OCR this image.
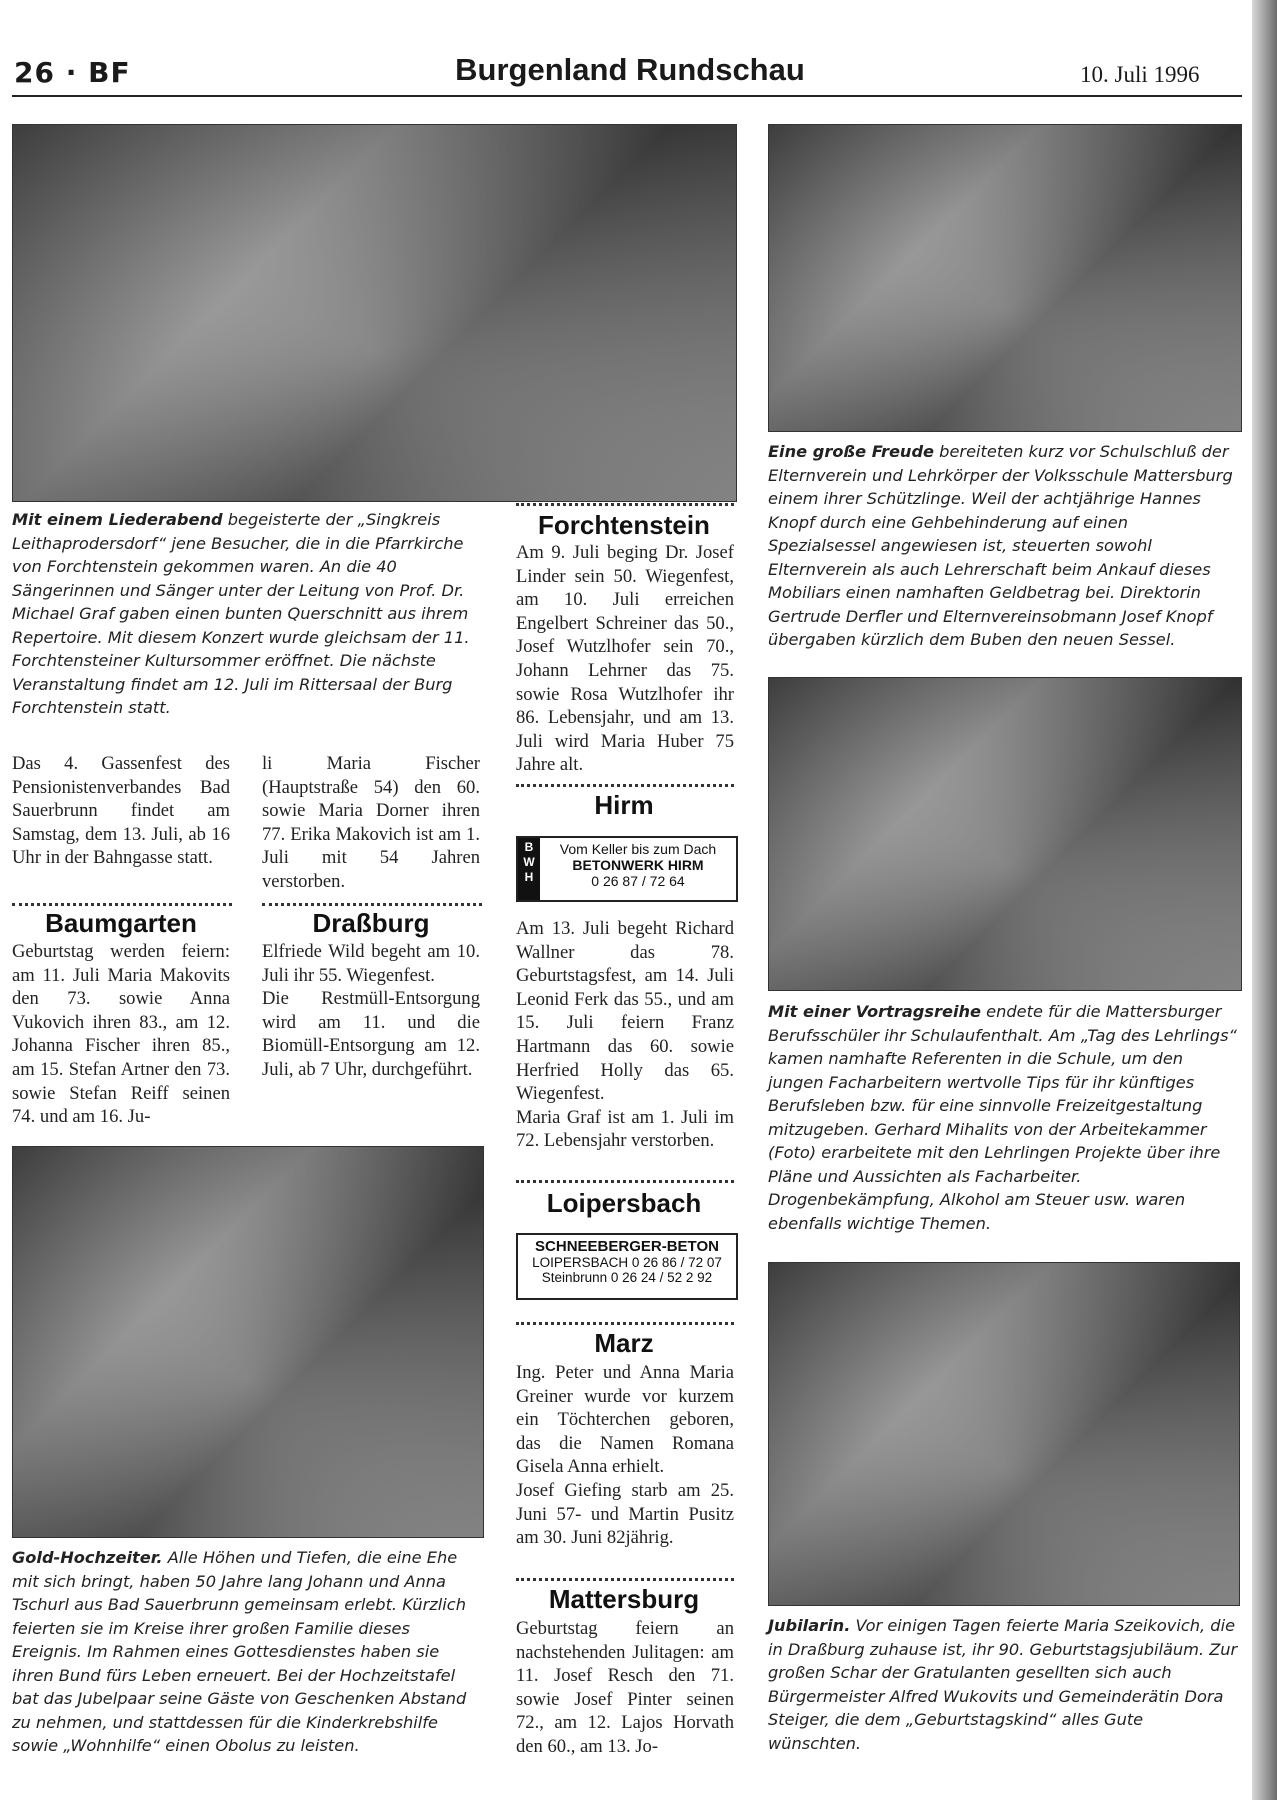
26 · BF	Burgenland Rundschau	10. Juli 1996
Mit einem Liederabend begeisterte der „Singkreis Leithaprodersdorf“ jene Besucher, die in die Pfarrkirche von Forchtenstein gekommen waren. An die 40 Sängerinnen und Sänger unter der Leitung von Prof. Dr. Michael Graf gaben einen bunten Querschnitt aus ihrem Repertoire. Mit diesem Konzert wurde gleichsam der 11. Forchtensteiner Kultursommer eröffnet. Die nächste Veranstaltung findet am 12. Juli im Rittersaal der Burg Forchtenstein statt.

Das 4. Gassenfest des Pensionistenverbandes Bad Sauerbrunn findet am Samstag, dem 13. Juli, ab 16 Uhr in der Bahngasse statt.

li Maria Fischer (Hauptstraße 54) den 60. sowie Maria Dorner ihren 77. Erika Makovich ist am 1. Juli mit 54 Jahren verstorben.

Baumgarten

Geburtstag werden feiern: am 11. Juli Maria Makovits den 73. sowie Anna Vukovich ihren 83., am 12. Johanna Fischer ihren 85., am 15. Stefan Artner den 73. sowie Stefan Reiff seinen 74. und am 16. Ju-

Draßburg

Elfriede Wild begeht am 10. Juli ihr 55. Wiegenfest.

Die Restmüll-Entsorgung wird am 11. und die Biomüll-Entsorgung am 12. Juli, ab 7 Uhr, durchgeführt.

Gold-Hochzeiter. Alle Höhen und Tiefen, die eine Ehe mit sich bringt, haben 50 Jahre lang Johann und Anna Tschurl aus Bad Sauerbrunn gemeinsam erlebt. Kürzlich feierten sie im Kreise ihrer großen Familie dieses Ereignis. Im Rahmen eines Gottesdienstes haben sie ihren Bund fürs Leben erneuert. Bei der Hochzeitstafel bat das Jubelpaar seine Gäste von Geschenken Abstand zu nehmen, und stattdessen für die Kinderkrebshilfe sowie „Wohnhilfe“ einen Obolus zu leisten.
Forchtenstein

Am 9. Juli beging Dr. Josef Linder sein 50. Wiegenfest, am 10. Juli erreichen Engelbert Schreiner das 50., Josef Wutzlhofer sein 70., Johann Lehrner das 75. sowie Rosa Wutzlhofer ihr 86. Lebensjahr, und am 13. Juli wird Maria Huber 75 Jahre alt.

Hirm
B
W
H
Vom Keller bis zum Dach
BETONWERK HIRM
0 26 87 / 72 64

Am 13. Juli begeht Richard Wallner das 78. Geburtstagsfest, am 14. Juli Leonid Ferk das 55., und am 15. Juli feiern Franz Hartmann das 60. sowie Herfried Holly das 65. Wiegenfest.

Maria Graf ist am 1. Juli im 72. Lebensjahr verstorben.

Loipersbach
SCHNEEBERGER-BETON
LOIPERSBACH 0 26 86 / 72 07
Steinbrunn 0 26 24 / 52 2 92
Marz

Ing. Peter und Anna Maria Greiner wurde vor kurzem ein Töchterchen geboren, das die Namen Romana Gisela Anna erhielt.

Josef Giefing starb am 25. Juni 57- und Martin Pusitz am 30. Juni 82jährig.

Mattersburg

Geburtstag feiern an nachstehenden Julitagen: am 11. Josef Resch den 71. sowie Josef Pinter seinen 72., am 12. Lajos Horvath den 60., am 13. Jo-

Eine große Freude bereiteten kurz vor Schulschluß der Elternverein und Lehrkörper der Volksschule Mattersburg einem ihrer Schützlinge. Weil der achtjährige Hannes Knopf durch eine Gehbehinderung auf einen Spezialsessel angewiesen ist, steuerten sowohl Elternverein als auch Lehrerschaft beim Ankauf dieses Mobiliars einen namhaften Geldbetrag bei. Direktorin Gertrude Derfler und Elternvereinsobmann Josef Knopf übergaben kürzlich dem Buben den neuen Sessel.
Mit einer Vortragsreihe endete für die Mattersburger Berufsschüler ihr Schulaufenthalt. Am „Tag des Lehrlings“ kamen namhafte Referenten in die Schule, um den jungen Facharbeitern wertvolle Tips für ihr künftiges Berufsleben bzw. für eine sinnvolle Freizeitgestaltung mitzugeben. Gerhard Mihalits von der Arbeitekammer (Foto) erarbeitete mit den Lehrlingen Projekte über ihre Pläne und Aussichten als Facharbeiter. Drogenbekämpfung, Alkohol am Steuer usw. waren ebenfalls wichtige Themen.
Jubilarin. Vor einigen Tagen feierte Maria Szeikovich, die in Draßburg zuhause ist, ihr 90. Geburtstagsjubiläum. Zur großen Schar der Gratulanten gesellten sich auch Bürgermeister Alfred Wukovits und Gemeinderätin Dora Steiger, die dem „Geburtstagskind“ alles Gute wünschten.
